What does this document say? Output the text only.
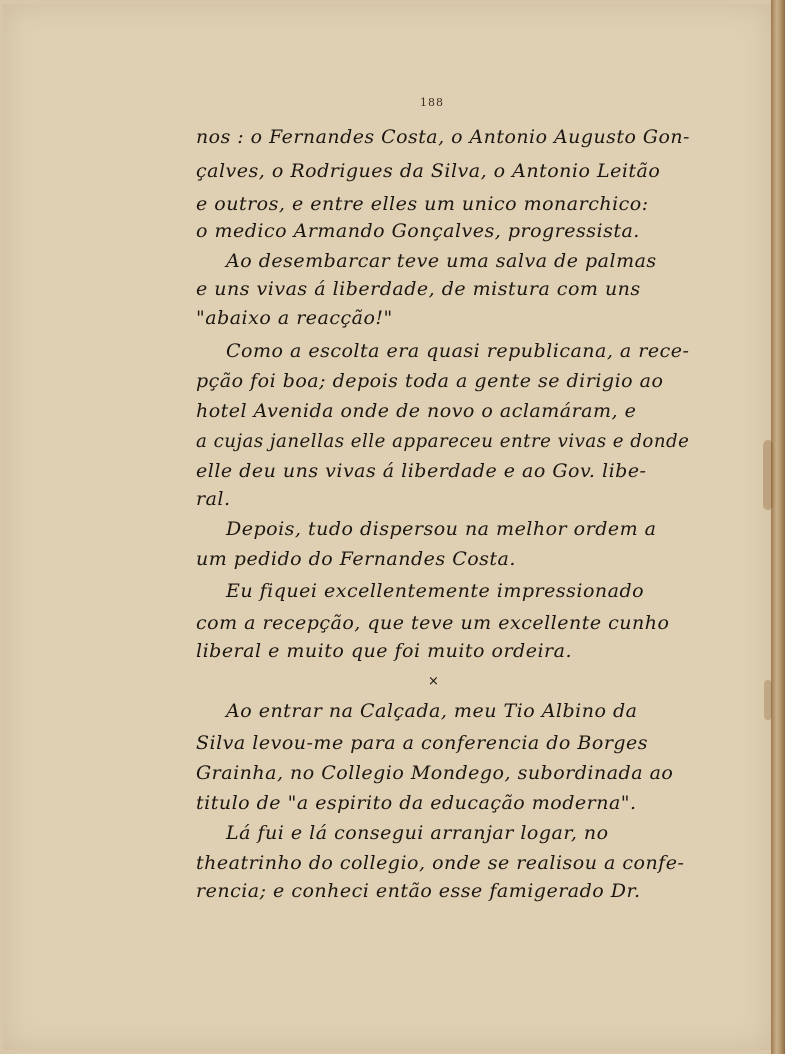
188
nos : o Fernandes Costa, o Antonio Augusto Gon-
çalves, o Rodrigues da Silva, o Antonio Leitão
e outros, e entre elles um unico monarchico:
o medico Armando Gonçalves, progressista.
Ao desembarcar teve uma salva de palmas
e uns vivas á liberdade, de mistura com uns
"abaixo a reacção!"
Como a escolta era quasi republicana, a rece-
pção foi boa; depois toda a gente se dirigio ao
hotel Avenida onde de novo o aclamáram, e
a cujas janellas elle appareceu entre vivas e donde
elle deu uns vivas á liberdade e ao Gov. libe-
ral.
Depois, tudo dispersou na melhor ordem a
um pedido do Fernandes Costa.
Eu fiquei excellentemente impressionado
com a recepção, que teve um excellente cunho
liberal e muito que foi muito ordeira.
×
Ao entrar na Calçada, meu Tio Albino da
Silva levou-me para a conferencia do Borges
Grainha, no Collegio Mondego, subordinada ao
titulo de "a espirito da educação moderna".
Lá fui e lá consegui arranjar logar, no
theatrinho do collegio, onde se realisou a confe-
rencia; e conheci então esse famigerado Dr.
